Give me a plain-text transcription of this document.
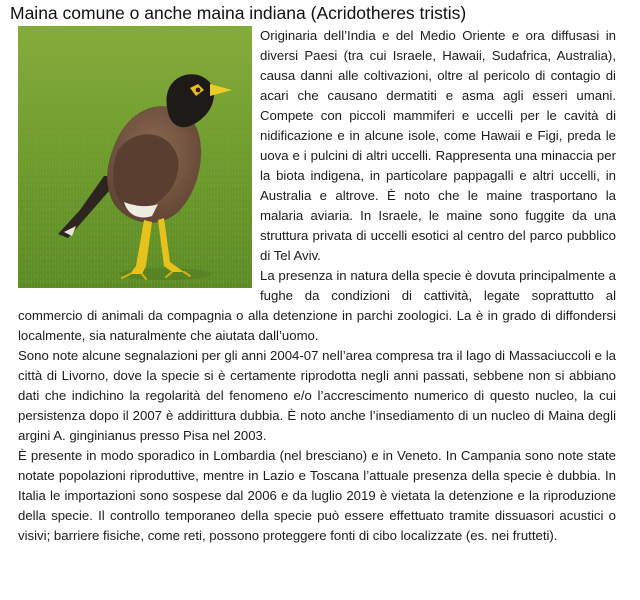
Maina comune o anche maina indiana (Acridotheres tristis)

Originaria dell’India e del Medio Oriente e ora diffusasi in diversi Paesi (tra cui Israele, Hawaii, Sudafrica, Australia), causa danni alle coltivazioni, oltre al pericolo di contagio di acari che causano dermatiti e asma agli esseri umani. Compete con piccoli mammiferi e uccelli per le cavità di nidificazione e in alcune isole, come Hawaii e Figi, preda le uova e i pulcini di altri uccelli. Rappresenta una minaccia per la biota indigena, in particolare pappagalli e altri uccelli, in Australia e altrove. È noto che le maine trasportano la malaria aviaria. In Israele, le maine sono fuggite da una struttura privata di uccelli esotici al centro del parco pubblico di Tel Aviv.

La presenza in natura della specie è dovuta principalmente a fughe da condizioni di cattività, legate soprattutto al commercio di animali da compagnia o alla detenzione in parchi zoologici. La è in grado di diffondersi localmente, sia naturalmente che aiutata dall’uomo.

Sono note alcune segnalazioni per gli anni 2004-07 nell’area compresa tra il lago di Massaciuccoli e la città di Livorno, dove la specie si è certamente riprodotta negli anni passati, sebbene non si abbiano dati che indichino la regolarità del fenomeno e/o l’accrescimento numerico di questo nucleo, la cui persistenza dopo il 2007 è addirittura dubbia. È noto anche l’insediamento di un nucleo di Maina degli argini A. ginginianus presso Pisa nel 2003.

È presente in modo sporadico in Lombardia (nel bresciano) e in Veneto. In Campania sono note state notate popolazioni riproduttive, mentre in Lazio e Toscana l’attuale presenza della specie è dubbia. In Italia le importazioni sono sospese dal 2006 e da luglio 2019 è vietata la detenzione e la riproduzione della specie. Il controllo temporaneo della specie può essere effettuato tramite dissuasori acustici o visivi; barriere fisiche, come reti, possono proteggere fonti di cibo localizzate (es. nei frutteti).
